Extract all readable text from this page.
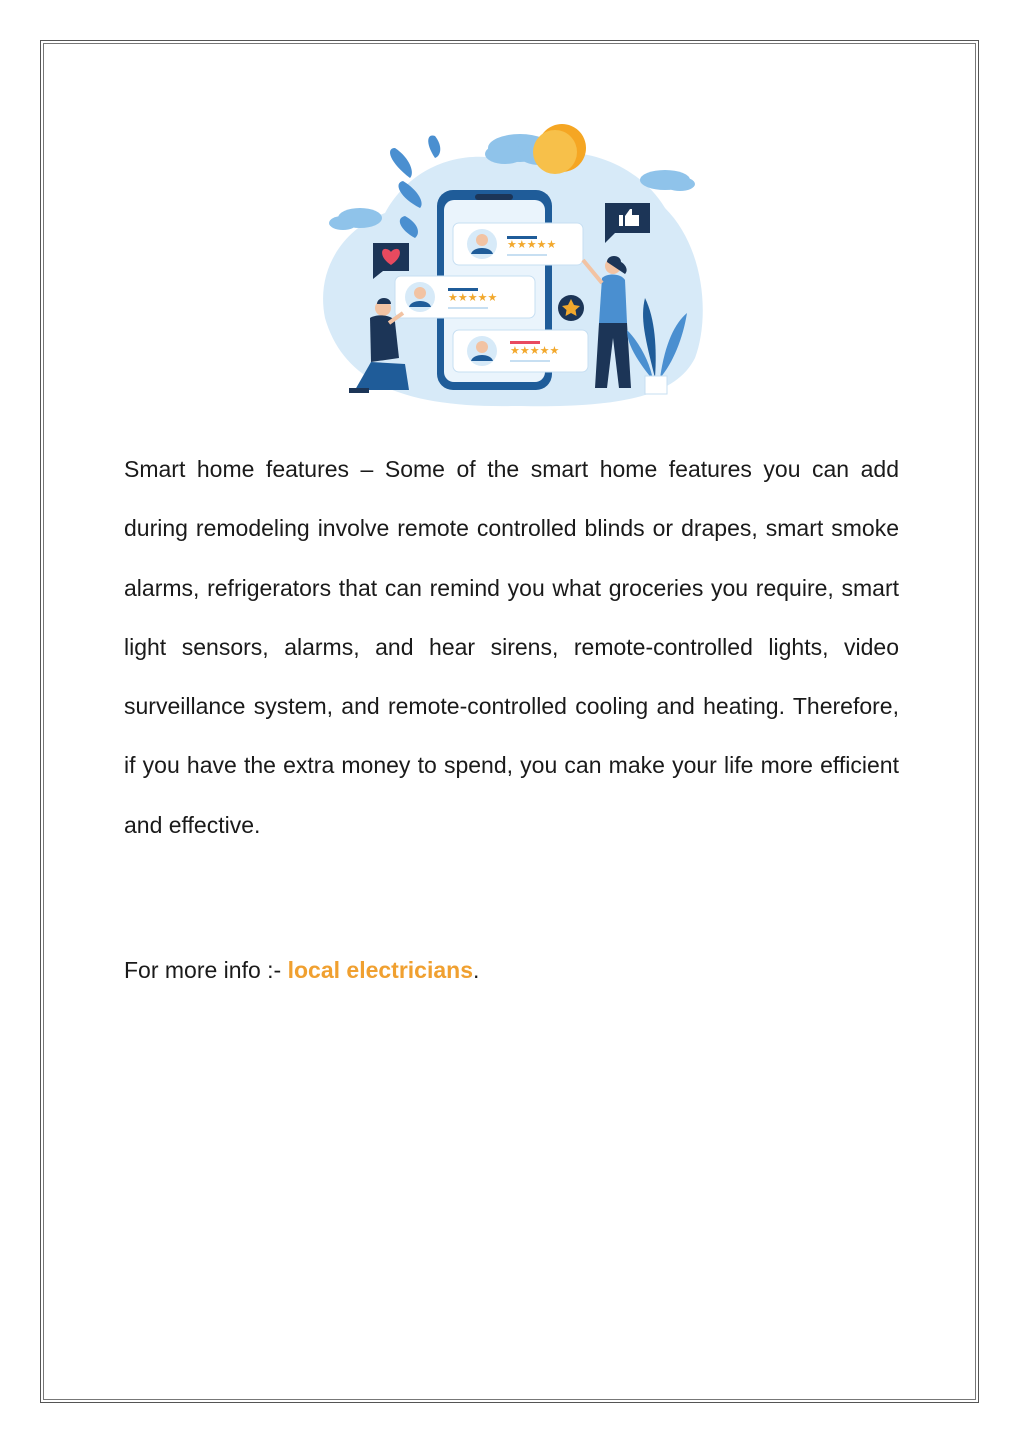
★★★★★
★★★★★
★★★★★

Smart home features – Some of the smart home features you can add during remodeling involve remote controlled blinds or drapes, smart smoke alarms, refrigerators that can remind you what groceries you require, smart light sensors, alarms, and hear sirens, remote-controlled lights, video surveillance system, and remote-controlled cooling and heating. Therefore, if you have the extra money to spend, you can make your life more efficient and effective.

For more info :- local electricians.
